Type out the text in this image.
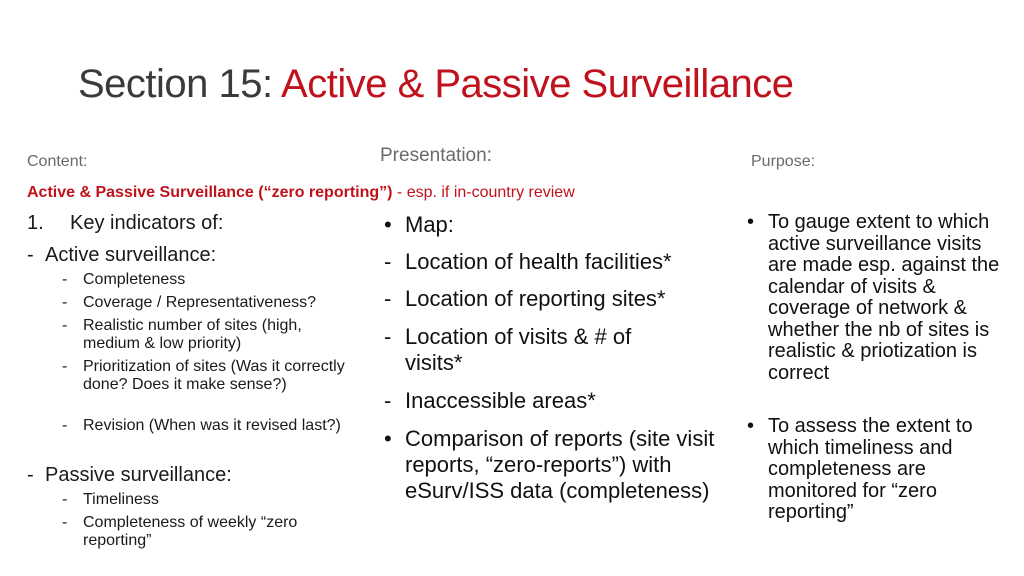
Section 15: Active & Passive Surveillance
Content:	Presentation:	Purpose:
Active & Passive Surveillance (“zero reporting”) - esp. if in-country review
1. Key indicators of:
- Active surveillance:
- Completeness
- Coverage / Representativeness?
- Realistic number of sites (high, medium & low priority)
- Prioritization of sites (Was it correctly done? Does it make sense?)
- Revision (When was it revised last?)
- Passive surveillance:
- Timeliness
- Completeness of weekly “zero reporting”
• Map:
- Location of health facilities*
- Location of reporting sites*
- Location of visits & # of visits*
- Inaccessible areas*
• Comparison of reports (site visit reports, “zero-reports”) with eSurv/ISS data (completeness)
• To gauge extent to which active surveillance visits are made esp. against the calendar of visits & coverage of network & whether the nb of sites is realistic & priotization is correct
• To assess the extent to which timeliness and completeness are monitored for “zero reporting”
